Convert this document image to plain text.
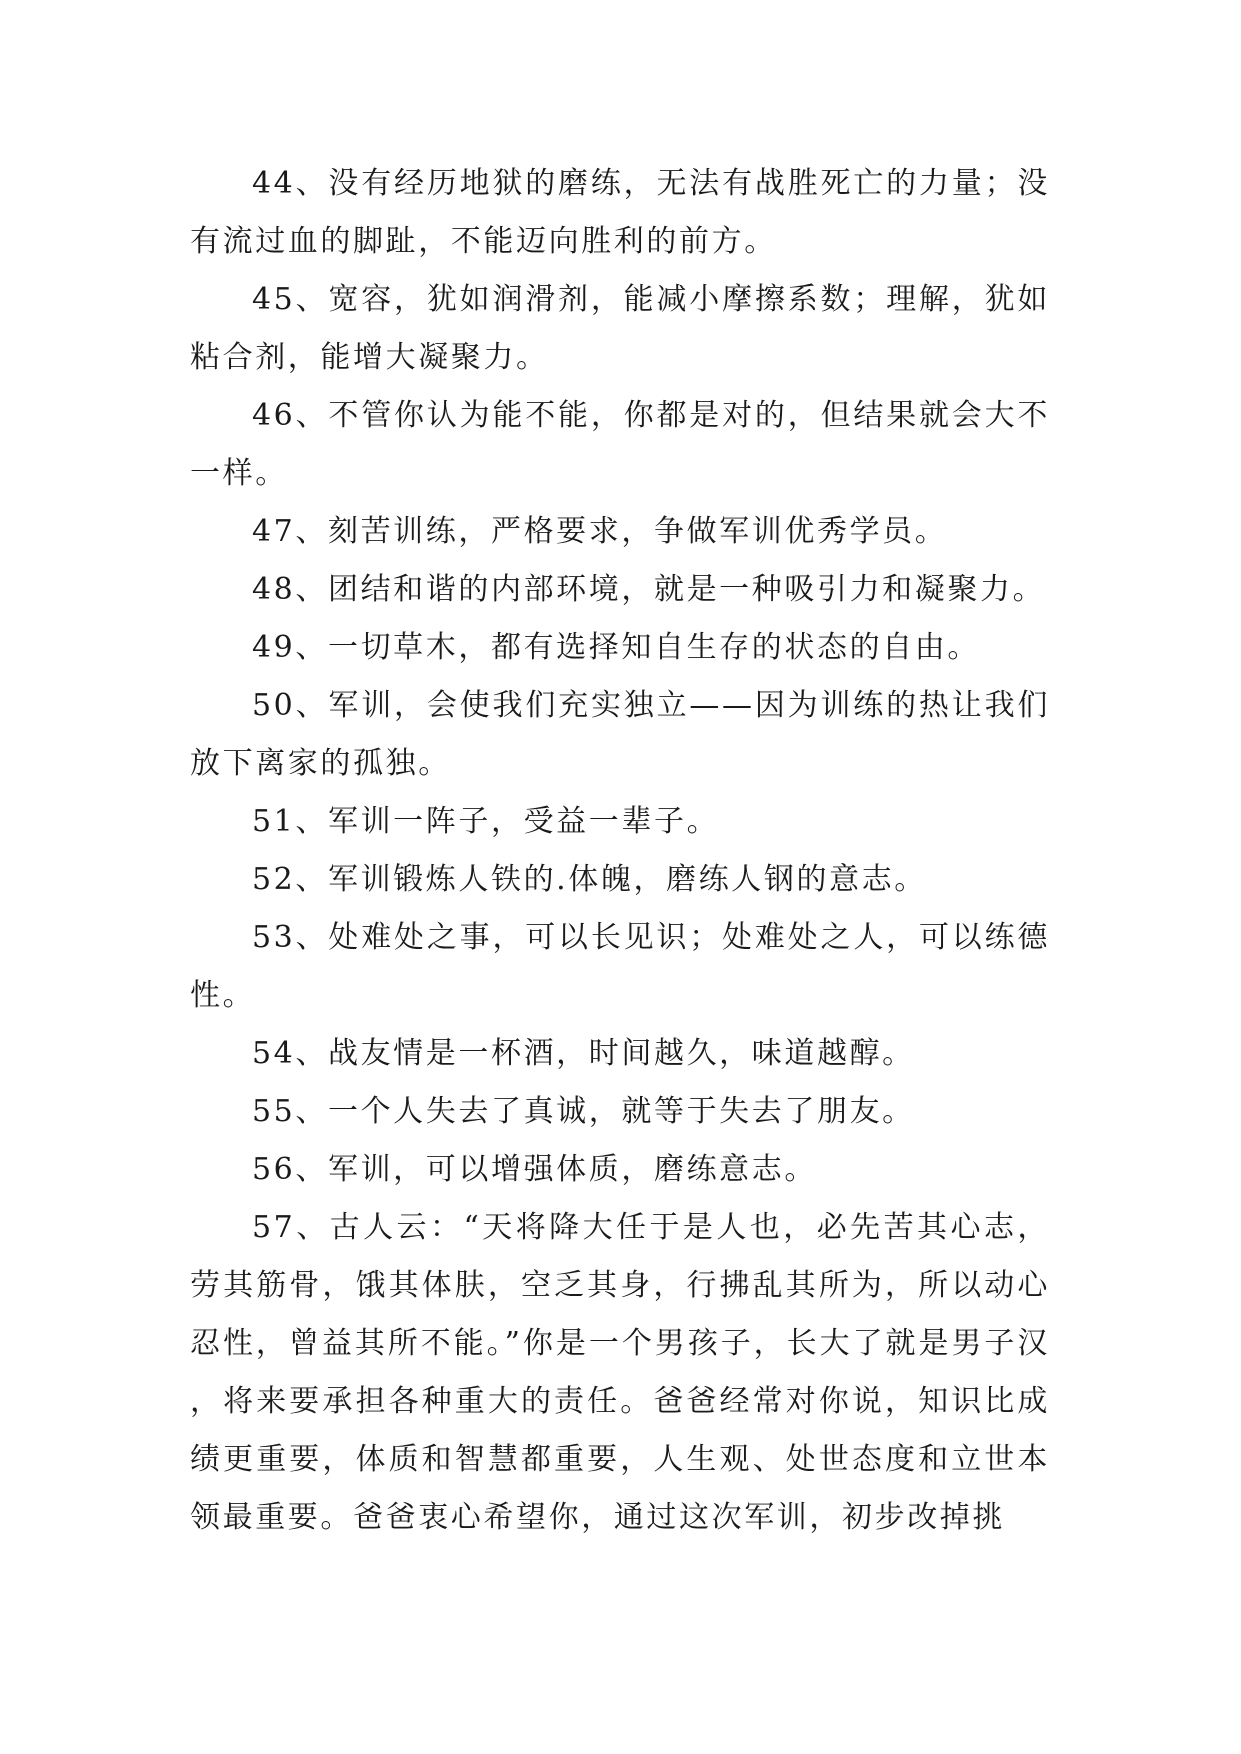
44、没有经历地狱的磨练，无法有战胜死亡的力量；没有流过血的脚趾，不能迈向胜利的前方。

45、宽容，犹如润滑剂，能减小摩擦系数；理解，犹如粘合剂，能增大凝聚力。

46、不管你认为能不能，你都是对的，但结果就会大不一样。

47、刻苦训练，严格要求，争做军训优秀学员。

48、团结和谐的内部环境，就是一种吸引力和凝聚力。

49、一切草木，都有选择知自生存的状态的自由。

50、军训，会使我们充实独立——因为训练的热让我们放下离家的孤独。

51、军训一阵子，受益一辈子。

52、军训锻炼人铁的.体魄，磨练人钢的意志。

53、处难处之事，可以长见识；处难处之人，可以练德性。

54、战友情是一杯酒，时间越久，味道越醇。

55、一个人失去了真诚，就等于失去了朋友。

56、军训，可以增强体质，磨练意志。

57、古人云：“天将降大任于是人也，必先苦其心志，劳其筋骨，饿其体肤，空乏其身，行拂乱其所为，所以动心忍性，曾益其所不能。”你是一个男孩子，长大了就是男子汉，将来要承担各种重大的责任。爸爸经常对你说，知识比成绩更重要，体质和智慧都重要，人生观、处世态度和立世本领最重要。爸爸衷心希望你，通过这次军训，初步改掉挑
